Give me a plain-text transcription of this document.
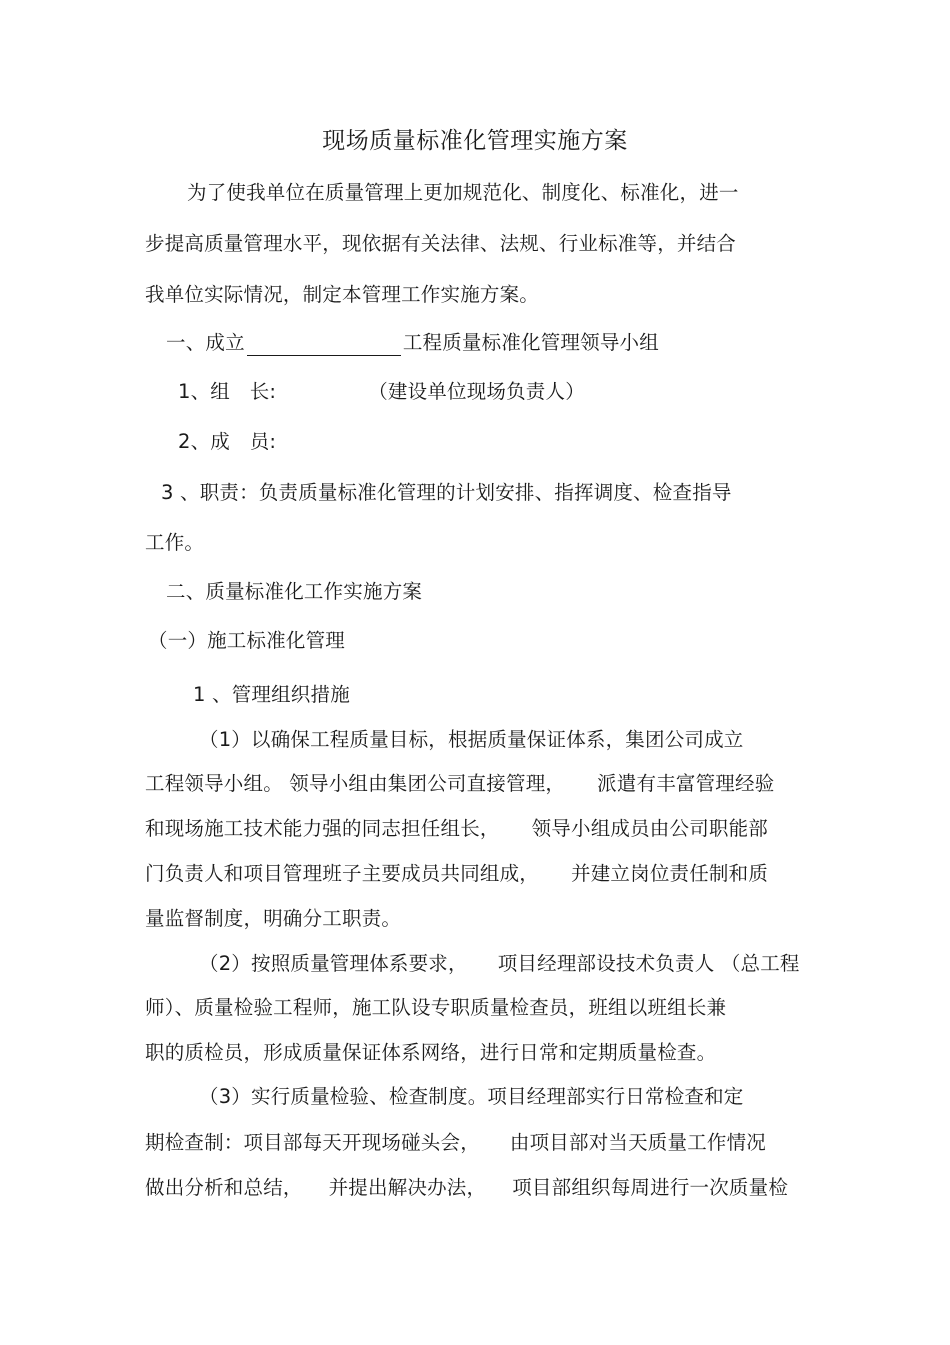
现场质量标准化管理实施方案
为了使我单位在质量管理上更加规范化、制度化、标准化，进一
步提高质量管理水平，现依据有关法律、法规、行业标准等，并结合
我单位实际情况，制定本管理工作实施方案。
一、成立	工程质量标准化管理领导小组
1、组　长:	（建设单位现场负责人）
2、成　员:
3 、职责：负责质量标准化管理的计划安排、指挥调度、检查指导
工作。
二、质量标准化工作实施方案
（一）施工标准化管理
1 、管理组织措施
（1）以确保工程质量目标，根据质量保证体系，集团公司成立
工程领导小组。 领导小组由集团公司直接管理， 派遣有丰富管理经验
和现场施工技术能力强的同志担任组长， 领导小组成员由公司职能部
门负责人和项目管理班子主要成员共同组成， 并建立岗位责任制和质
量监督制度，明确分工职责。
（2）按照质量管理体系要求， 项目经理部设技术负责人 （总工程
师）、质量检验工程师，施工队设专职质量检查员，班组以班组长兼
职的质检员，形成质量保证体系网络，进行日常和定期质量检查。
（3）实行质量检验、检查制度。项目经理部实行日常检查和定
期检查制：项目部每天开现场碰头会， 由项目部对当天质量工作情况
做出分析和总结， 并提出解决办法， 项目部组织每周进行一次质量检
